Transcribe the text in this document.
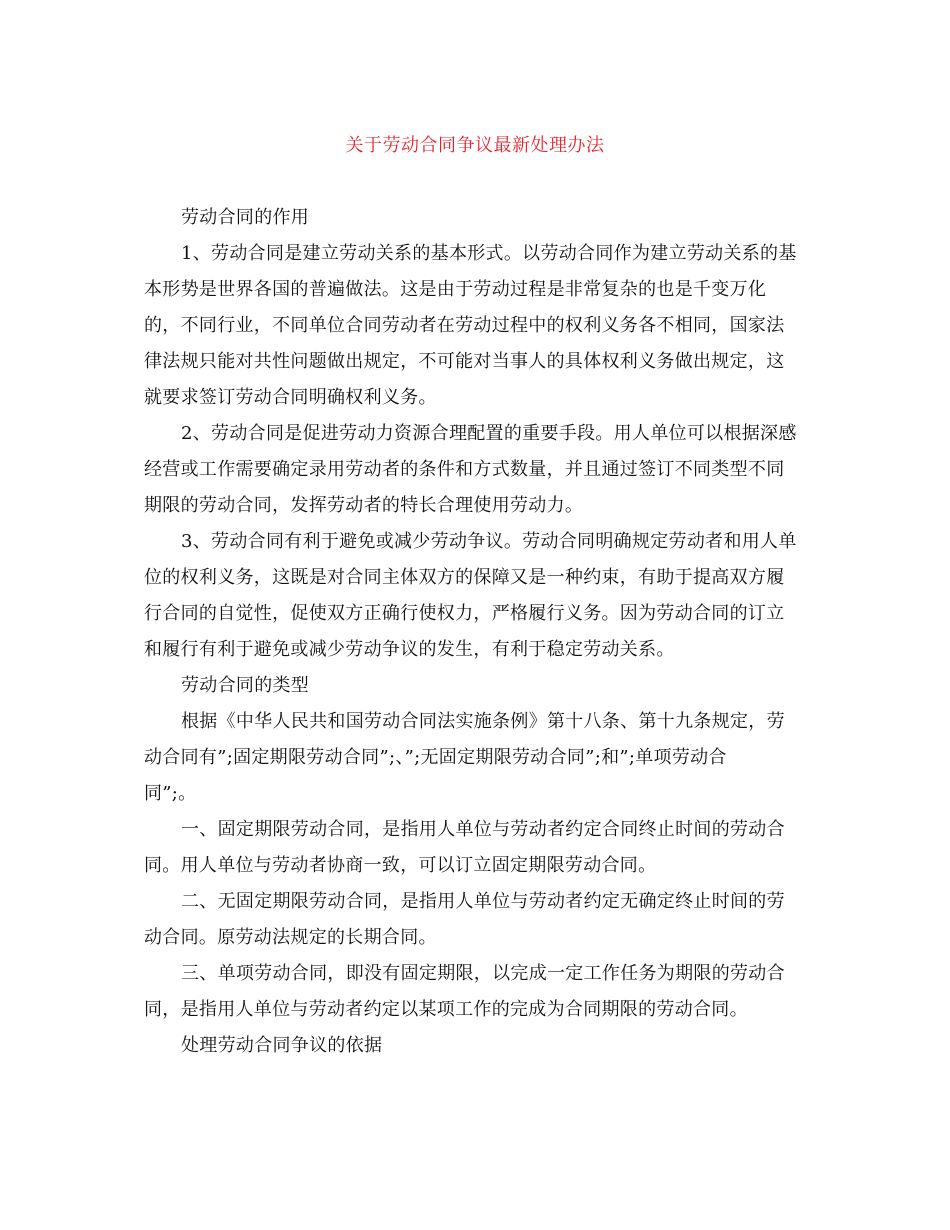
关于劳动合同争议最新处理办法
劳动合同的作用
1、劳动合同是建立劳动关系的基本形式。以劳动合同作为建立劳动关系的基
本形势是世界各国的普遍做法。这是由于劳动过程是非常复杂的也是千变万化
的，不同行业，不同单位合同劳动者在劳动过程中的权利义务各不相同，国家法
律法规只能对共性问题做出规定，不可能对当事人的具体权利义务做出规定，这
就要求签订劳动合同明确权利义务。
2、劳动合同是促进劳动力资源合理配置的重要手段。用人单位可以根据深感
经营或工作需要确定录用劳动者的条件和方式数量，并且通过签订不同类型不同
期限的劳动合同，发挥劳动者的特长合理使用劳动力。
3、劳动合同有利于避免或减少劳动争议。劳动合同明确规定劳动者和用人单
位的权利义务，这既是对合同主体双方的保障又是一种约束，有助于提高双方履
行合同的自觉性，促使双方正确行使权力，严格履行义务。因为劳动合同的订立
和履行有利于避免或减少劳动争议的发生，有利于稳定劳动关系。
劳动合同的类型
根据《中华人民共和国劳动合同法实施条例》第十八条、第十九条规定，劳
动合同有”;固定期限劳动合同”;、”;无固定期限劳动合同”;和”;单项劳动合
同”;。
一、固定期限劳动合同，是指用人单位与劳动者约定合同终止时间的劳动合
同。用人单位与劳动者协商一致，可以订立固定期限劳动合同。
二、无固定期限劳动合同，是指用人单位与劳动者约定无确定终止时间的劳
动合同。原劳动法规定的长期合同。
三、单项劳动合同，即没有固定期限，以完成一定工作任务为期限的劳动合
同，是指用人单位与劳动者约定以某项工作的完成为合同期限的劳动合同。
处理劳动合同争议的依据
